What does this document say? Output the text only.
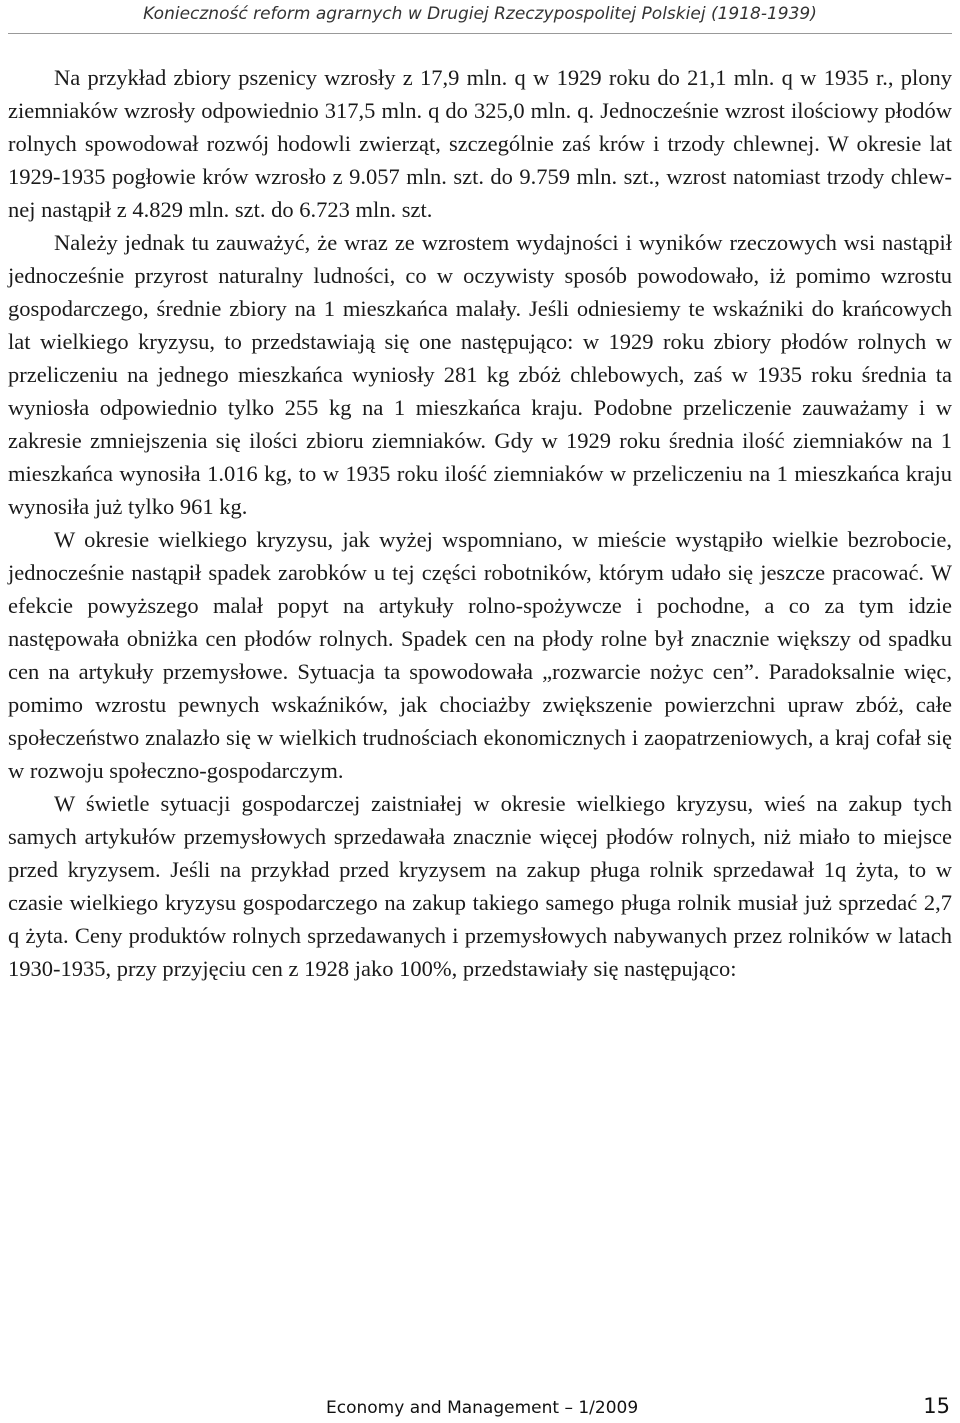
Konieczność reform agrarnych w Drugiej Rzeczypospolitej Polskiej (1918-1939)

Na przykład zbiory pszenicy wzrosły z 17,9 mln. q w 1929 roku do 21,1 mln. q w 1935 r., plony ziemniaków wzrosły odpowiednio 317,5 mln. q do 325,0 mln. q. Jednocześnie wzrost ilościowy płodów rolnych spowodował rozwój hodowli zwierząt, szczególnie zaś krów i trzody chlewnej. W okresie lat 1929-1935 pogłowie krów wzrosło z 9.057 mln. szt. do 9.759 mln. szt., wzrost natomiast trzody chlewnej nastąpił z 4.829 mln. szt. do 6.723 mln. szt.

Należy jednak tu zauważyć, że wraz ze wzrostem wydajności i wyników rzeczowych wsi nastąpił jednocześnie przyrost naturalny ludności, co w oczywisty sposób powodowało, iż pomimo wzrostu gospodarczego, średnie zbiory na 1 mieszkańca malały. Jeśli odniesiemy te wskaźniki do krańcowych lat wielkiego kryzysu, to przedstawiają się one następująco: w 1929 roku zbiory płodów rolnych w przeliczeniu na jednego mieszkańca wyniosły 281 kg zbóż chlebowych, zaś w 1935 roku średnia ta wyniosła odpowiednio tylko 255 kg na 1 mieszkańca kraju. Podobne przeliczenie zauważamy i w zakresie zmniejszenia się ilości zbioru ziemniaków. Gdy w 1929 roku średnia ilość ziemniaków na 1 mieszkańca wynosiła 1.016 kg, to w 1935 roku ilość ziemniaków w przeliczeniu na 1 mieszkańca kraju wynosiła już tylko 961 kg.

W okresie wielkiego kryzysu, jak wyżej wspomniano, w mieście wystąpiło wielkie bezrobocie, jednocześnie nastąpił spadek zarobków u tej części robotników, którym udało się jeszcze pracować. W efekcie powyższego malał popyt na artykuły rolno-spożywcze i pochodne, a co za tym idzie następowała obniżka cen płodów rolnych. Spadek cen na płody rolne był znacznie większy od spadku cen na artykuły przemysłowe. Sytuacja ta spowodowała „rozwarcie nożyc cen”. Paradoksalnie więc, pomimo wzrostu pewnych wskaźników, jak chociażby zwiększenie powierzchni upraw zbóż, całe społeczeństwo znalazło się w wielkich trudnościach ekonomicznych i zaopatrzeniowych, a kraj cofał się w rozwoju społeczno-gospodarczym.

W świetle sytuacji gospodarczej zaistniałej w okresie wielkiego kryzysu, wieś na zakup tych samych artykułów przemysłowych sprzedawała znacznie więcej płodów rolnych, niż miało to miejsce przed kryzysem. Jeśli na przykład przed kryzysem na zakup pługa rolnik sprzedawał 1q żyta, to w czasie wielkiego kryzysu gospodarczego na zakup takiego samego pługa rolnik musiał już sprzedać 2,7 q żyta. Ceny produktów rolnych sprzedawanych i przemysłowych nabywanych przez rolników w latach 1930-1935, przy przyjęciu cen z 1928 jako 100%, przedstawiały się następująco:

Economy and Management – 1/2009	15
